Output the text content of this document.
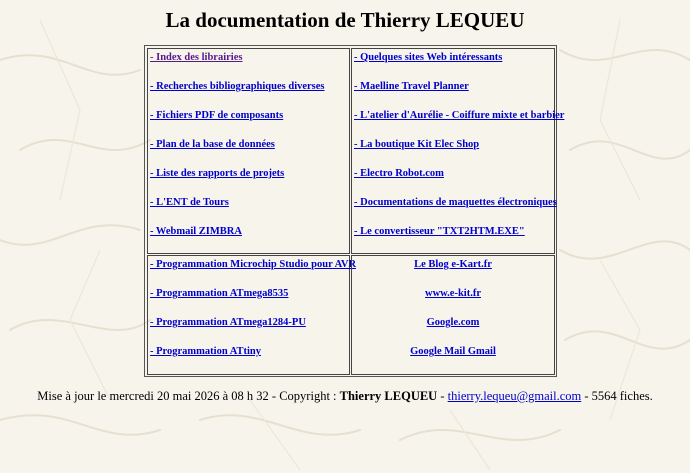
La documentation de Thierry LEQUEU
- Index des librairies
- Recherches bibliographiques diverses
- Fichiers PDF de composants
- Plan de la base de données
- Liste des rapports de projets
- L'ENT de Tours
- Webmail ZIMBRA
- Quelques sites Web intéressants
- Maelline Travel Planner
- L'atelier d'Aurélie - Coiffure mixte et barbier
- La boutique Kit Elec Shop
- Electro Robot.com
- Documentations de maquettes électroniques
- Le convertisseur "TXT2HTM.EXE"
- Programmation Microchip Studio pour AVR
- Programmation ATmega8535
- Programmation ATmega1284-PU
- Programmation ATtiny
Le Blog e-Kart.fr
www.e-kit.fr
Google.com
Google Mail Gmail
Mise à jour le mercredi 20 mai 2026 à 08 h 32 - Copyright : Thierry LEQUEU - thierry.lequeu@gmail.com - 5564 fiches.
